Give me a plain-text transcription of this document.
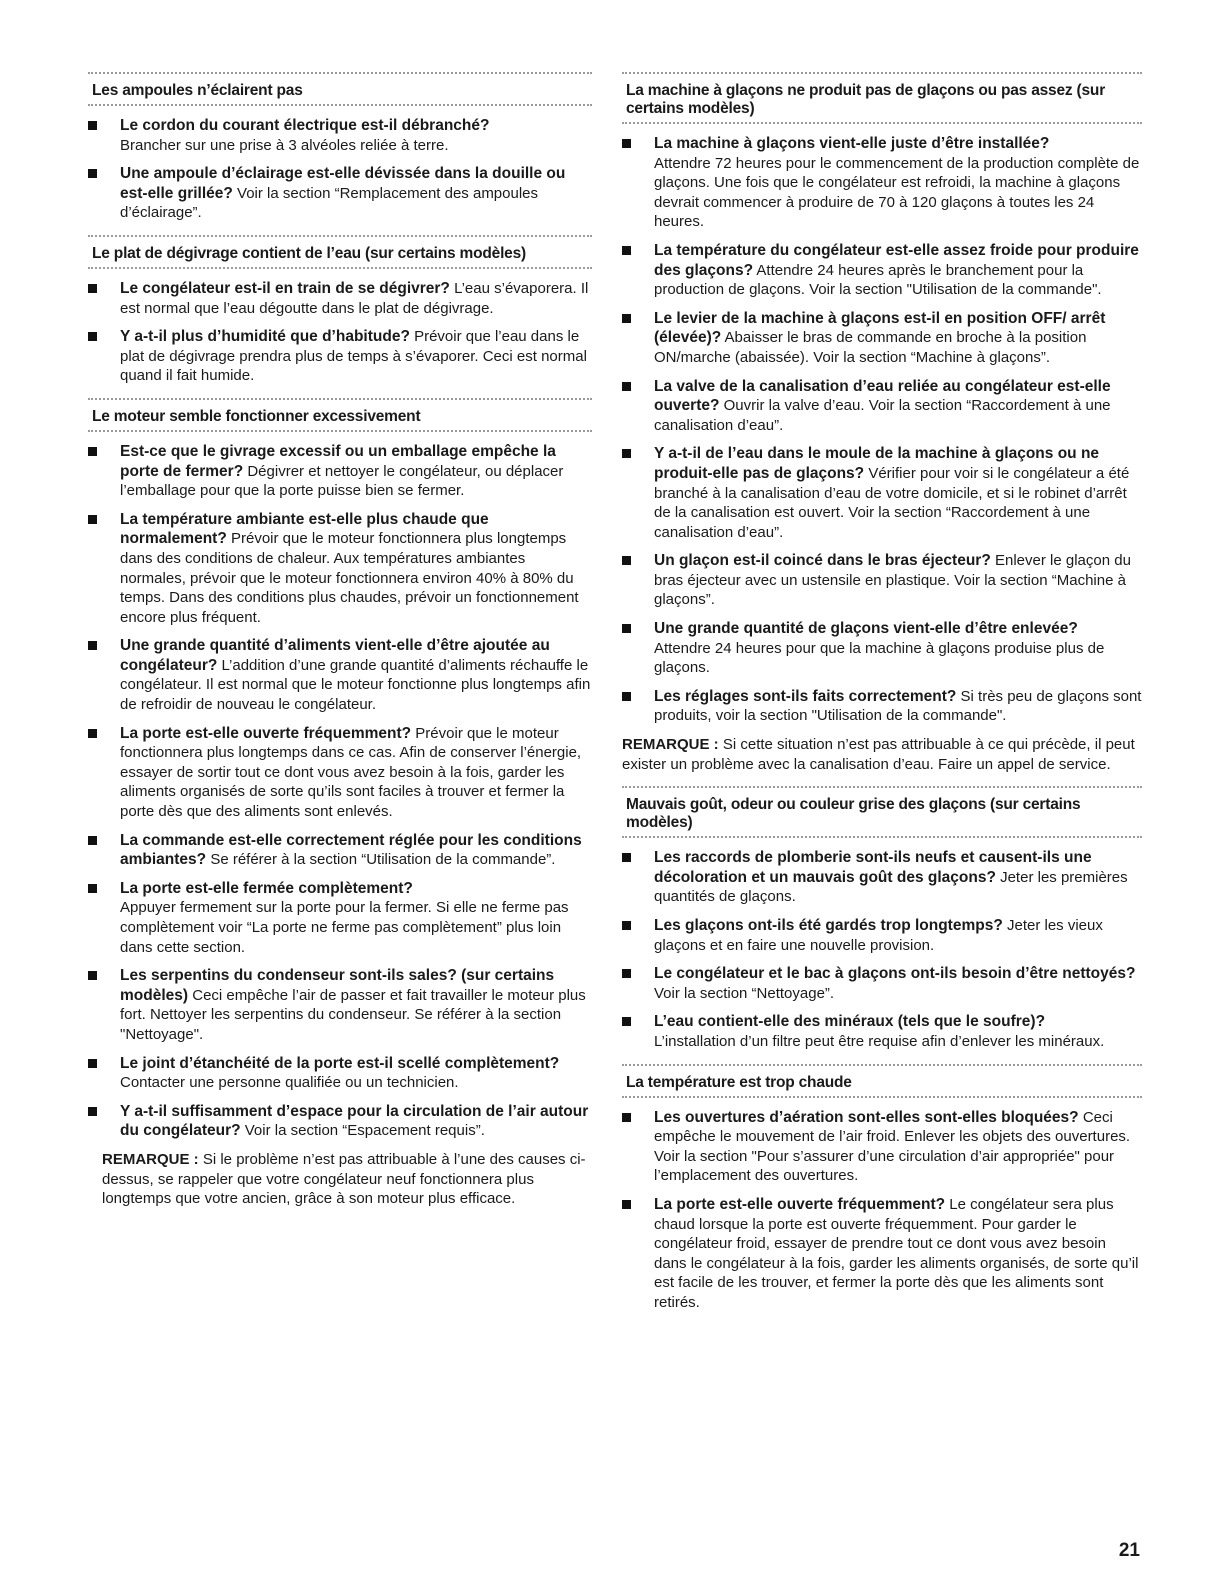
Les ampoules n’éclairent pas
Le cordon du courant électrique est-il débranché?
Brancher sur une prise à 3 alvéoles reliée à terre.
Une ampoule d’éclairage est-elle dévissée dans la douille ou est-elle grillée? Voir la section “Remplacement des ampoules d’éclairage”.
Le plat de dégivrage contient de l’eau (sur certains modèles)
Le congélateur est-il en train de se dégivrer? L’eau s’évaporera. Il est normal que l’eau dégoutte dans le plat de dégivrage.
Y a-t-il plus d’humidité que d’habitude? Prévoir que l’eau dans le plat de dégivrage prendra plus de temps à s’évaporer. Ceci est normal quand il fait humide.
Le moteur semble fonctionner excessivement
Est-ce que le givrage excessif ou un emballage empêche la porte de fermer? Dégivrer et nettoyer le congélateur, ou déplacer l’emballage pour que la porte puisse bien se fermer.
La température ambiante est-elle plus chaude que normalement? Prévoir que le moteur fonctionnera plus longtemps dans des conditions de chaleur. Aux températures ambiantes normales, prévoir que le moteur fonctionnera environ 40% à 80% du temps. Dans des conditions plus chaudes, prévoir un fonctionnement encore plus fréquent.
Une grande quantité d’aliments vient-elle d’être ajoutée au congélateur? L’addition d’une grande quantité d’aliments réchauffe le congélateur. Il est normal que le moteur fonctionne plus longtemps afin de refroidir de nouveau le congélateur.
La porte est-elle ouverte fréquemment? Prévoir que le moteur fonctionnera plus longtemps dans ce cas. Afin de conserver l’énergie, essayer de sortir tout ce dont vous avez besoin à la fois, garder les aliments organisés de sorte qu’ils sont faciles à trouver et fermer la porte dès que des aliments sont enlevés.
La commande est-elle correctement réglée pour les conditions ambiantes? Se référer à la section “Utilisation de la commande”.
La porte est-elle fermée complètement?
Appuyer fermement sur la porte pour la fermer. Si elle ne ferme pas complètement voir “La porte ne ferme pas complètement” plus loin dans cette section.
Les serpentins du condenseur sont-ils sales? (sur certains modèles) Ceci empêche l’air de passer et fait travailler le moteur plus fort. Nettoyer les serpentins du condenseur. Se référer à la section "Nettoyage".
Le joint d’étanchéité de la porte est-il scellé complètement? Contacter une personne qualifiée ou un technicien.
Y a-t-il suffisamment d’espace pour la circulation de l’air autour du congélateur? Voir la section “Espacement requis”.
REMARQUE : Si le problème n’est pas attribuable à l’une des causes ci-dessus, se rappeler que votre congélateur neuf fonctionnera plus longtemps que votre ancien, grâce à son moteur plus efficace.
La machine à glaçons ne produit pas de glaçons ou pas assez (sur certains modèles)
La machine à glaçons vient-elle juste d’être installée?
Attendre 72 heures pour le commencement de la production complète de glaçons. Une fois que le congélateur est refroidi, la machine à glaçons devrait commencer à produire de 70 à 120 glaçons à toutes les 24 heures.
La température du congélateur est-elle assez froide pour produire des glaçons? Attendre 24 heures après le branchement pour la production de glaçons. Voir la section "Utilisation de la commande".
Le levier de la machine à glaçons est-il en position OFF/ arrêt (élevée)? Abaisser le bras de commande en broche à la position ON/marche (abaissée). Voir la section “Machine à glaçons”.
La valve de la canalisation d’eau reliée au congélateur est-elle ouverte? Ouvrir la valve d’eau. Voir la section “Raccordement à une canalisation d’eau”.
Y a-t-il de l’eau dans le moule de la machine à glaçons ou ne produit-elle pas de glaçons? Vérifier pour voir si le congélateur a été branché à la canalisation d’eau de votre domicile, et si le robinet d’arrêt de la canalisation est ouvert. Voir la section “Raccordement à une canalisation d’eau”.
Un glaçon est-il coincé dans le bras éjecteur? Enlever le glaçon du bras éjecteur avec un ustensile en plastique. Voir la section “Machine à glaçons”.
Une grande quantité de glaçons vient-elle d’être enlevée?
Attendre 24 heures pour que la machine à glaçons produise plus de glaçons.
Les réglages sont-ils faits correctement? Si très peu de glaçons sont produits, voir la section "Utilisation de la commande".
REMARQUE : Si cette situation n’est pas attribuable à ce qui précède, il peut exister un problème avec la canalisation d’eau. Faire un appel de service.
Mauvais goût, odeur ou couleur grise des glaçons (sur certains modèles)
Les raccords de plomberie sont-ils neufs et causent-ils une décoloration et un mauvais goût des glaçons? Jeter les premières quantités de glaçons.
Les glaçons ont-ils été gardés trop longtemps? Jeter les vieux glaçons et en faire une nouvelle provision.
Le congélateur et le bac à glaçons ont-ils besoin d’être nettoyés? Voir la section “Nettoyage”.
L’eau contient-elle des minéraux (tels que le soufre)?
L’installation d’un filtre peut être requise afin d’enlever les minéraux.
La température est trop chaude
Les ouvertures d’aération sont-elles sont-elles bloquées? Ceci empêche le mouvement de l’air froid. Enlever les objets des ouvertures. Voir la section "Pour s’assurer d’une circulation d’air appropriée" pour l’emplacement des ouvertures.
La porte est-elle ouverte fréquemment? Le congélateur sera plus chaud lorsque la porte est ouverte fréquemment. Pour garder le congélateur froid, essayer de prendre tout ce dont vous avez besoin dans le congélateur à la fois, garder les aliments organisés, de sorte qu’il est facile de les trouver, et fermer la porte dès que les aliments sont retirés.
21
